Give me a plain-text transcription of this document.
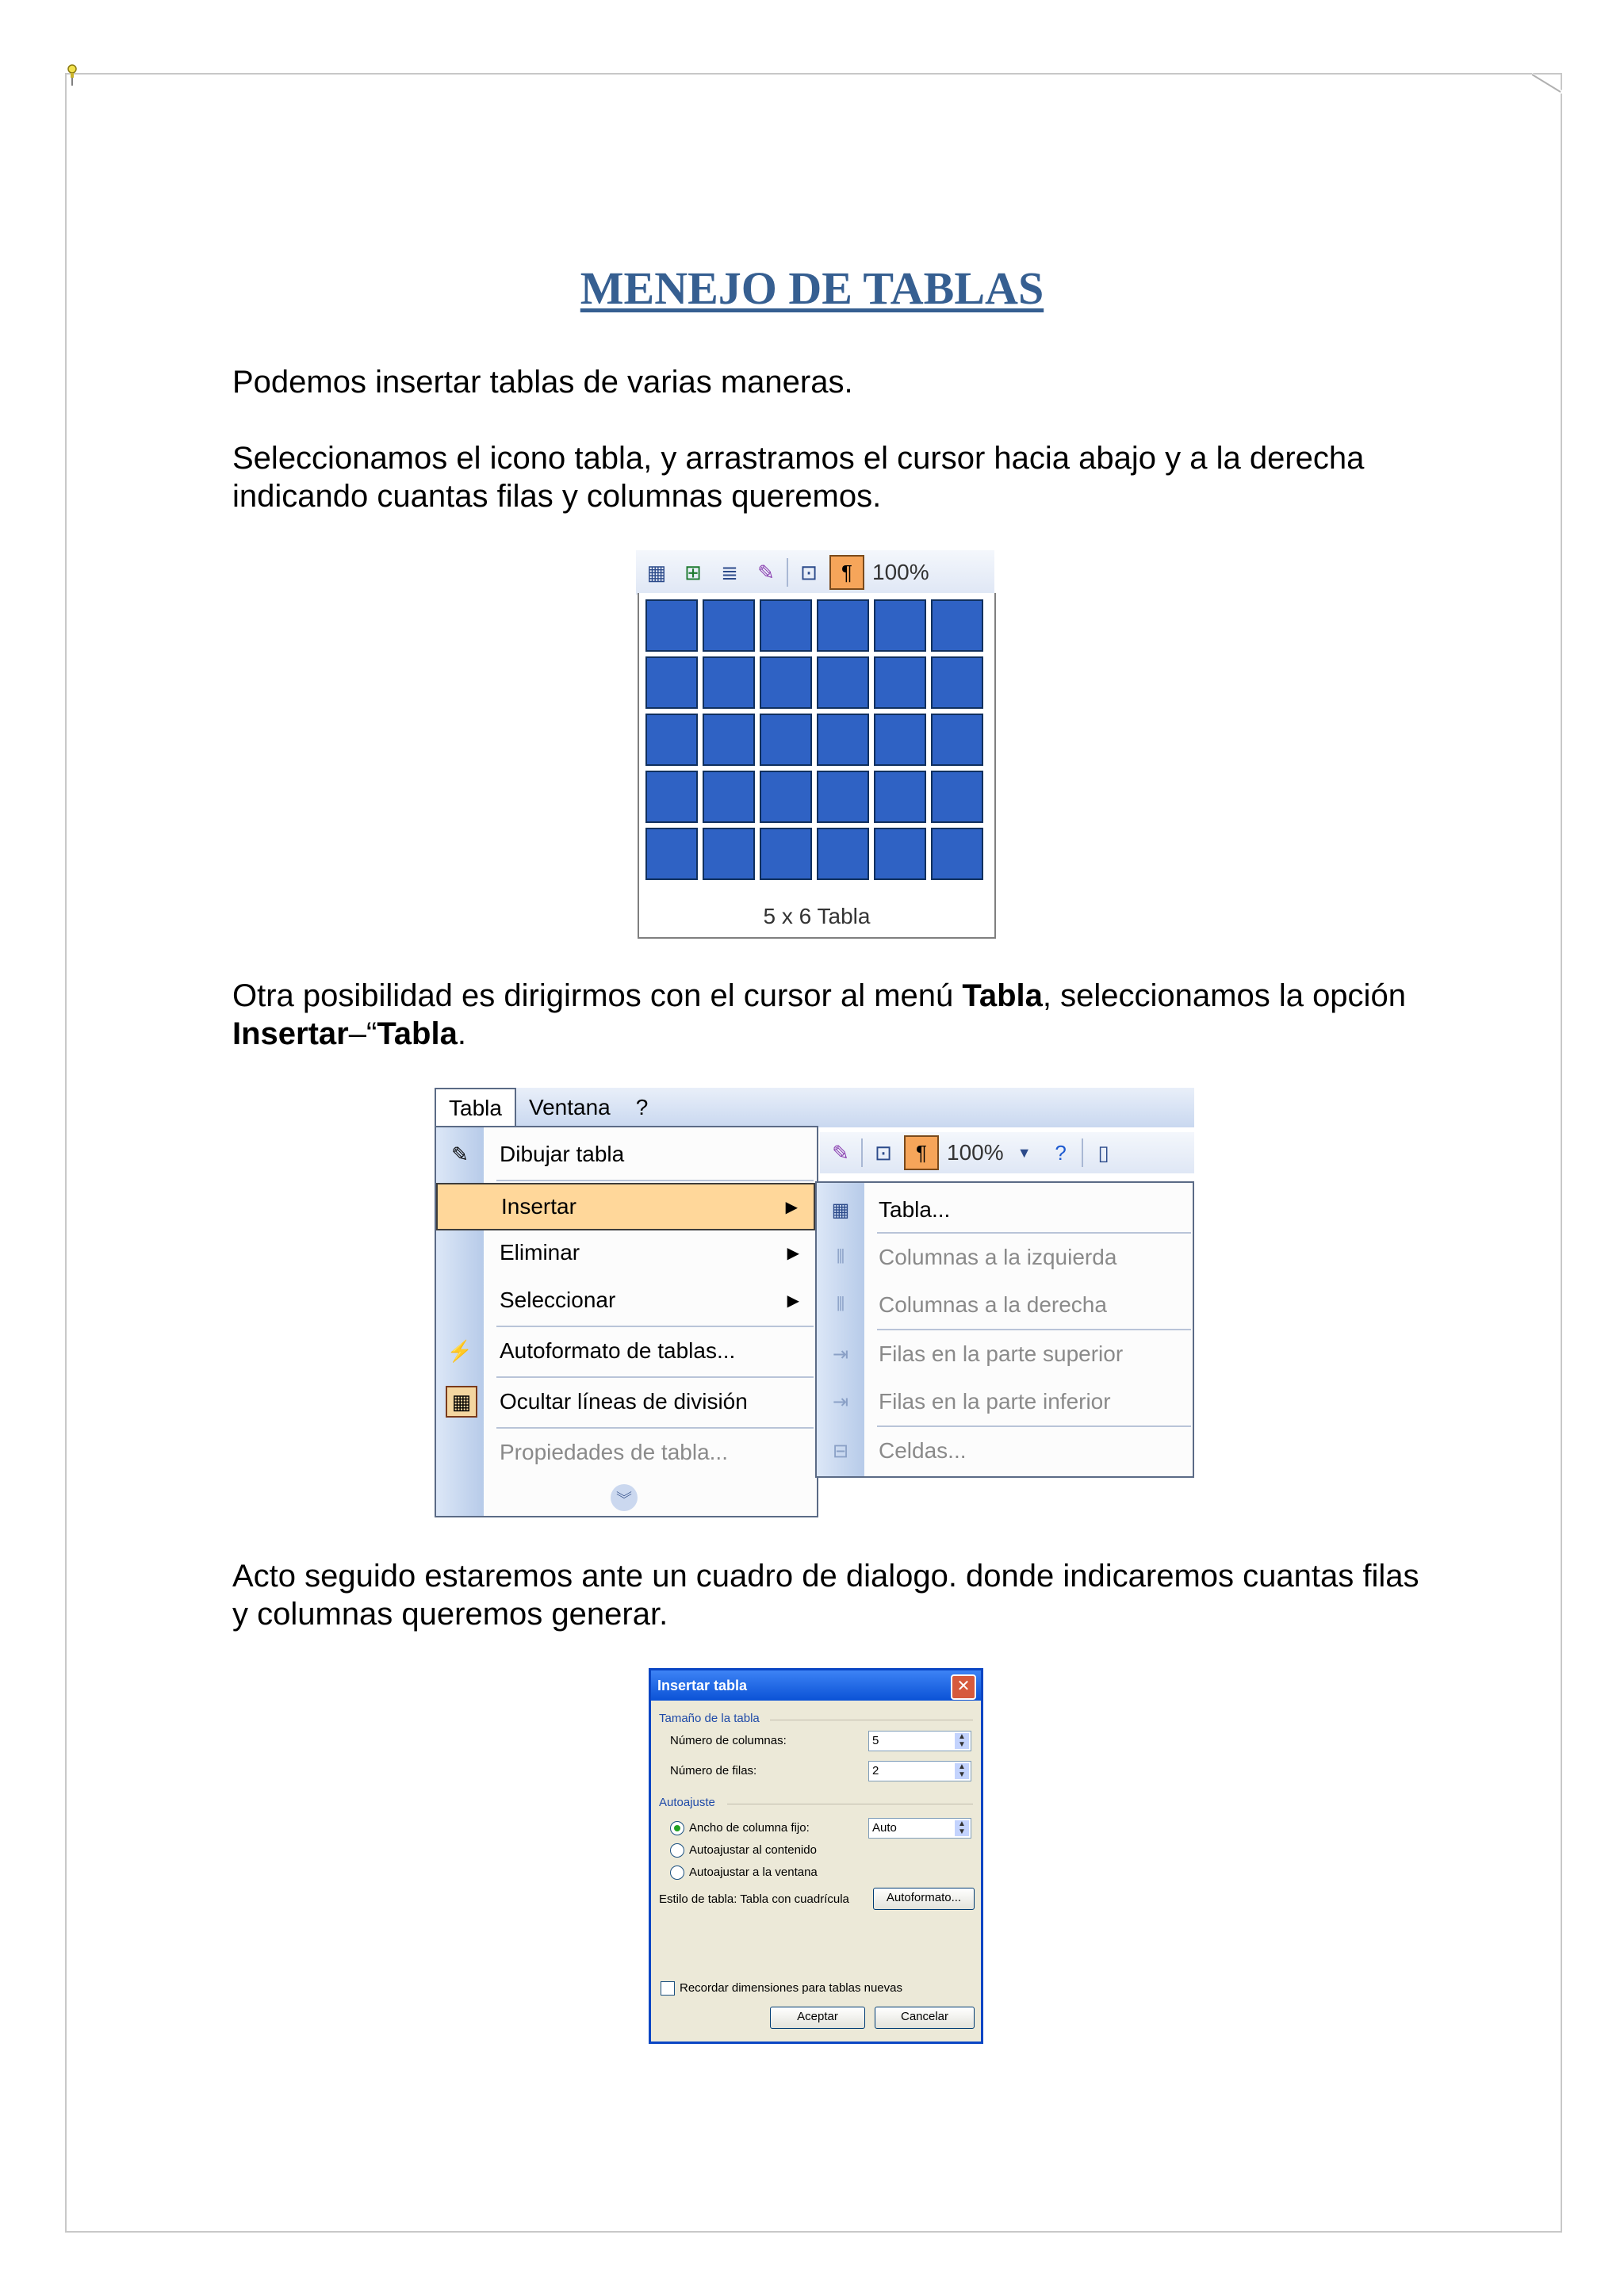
MENEJO DE TABLAS
Podemos insertar tablas de varias maneras.
Seleccionamos el icono tabla, y arrastramos el cursor hacia abajo y a la derecha indicando cuantas filas y columnas queremos.
▦ ⊞ ≣ ✎	⊡	¶ 100%
5 x 6 Tabla
Otra posibilidad es dirigirmos con el cursor al menú Tabla, seleccionamos la opción Insertar–“Tabla.
Tabla	Ventana	?
✎	⊡	¶ 100% ▼	?	▯
✎ Dibujar tabla
Insertar	▶
Eliminar	▶
Seleccionar	▶
⚡ Autoformato de tablas...
▦ Ocultar líneas de división
Propiedades de tabla...
︾
▦ Tabla...
⫴	Columnas a la izquierda
⫴	Columnas a la derecha
⇥ Filas en la parte superior
⇥ Filas en la parte inferior
⊟ Celdas...
Acto seguido estaremos ante un cuadro de dialogo. donde indicaremos cuantas filas y columnas queremos generar.
Insertar tabla	✕
Tamaño de la tabla
Número de columnas:	5	▲
▼
Número de filas:	2	▲
▼
Autoajuste
Ancho de columna fijo:	Auto	▲
▼
Autoajustar al contenido
Autoajustar a la ventana
Estilo de tabla: Tabla con cuadrícula	Autoformato...
Recordar dimensiones para tablas nuevas
Aceptar	Cancelar
